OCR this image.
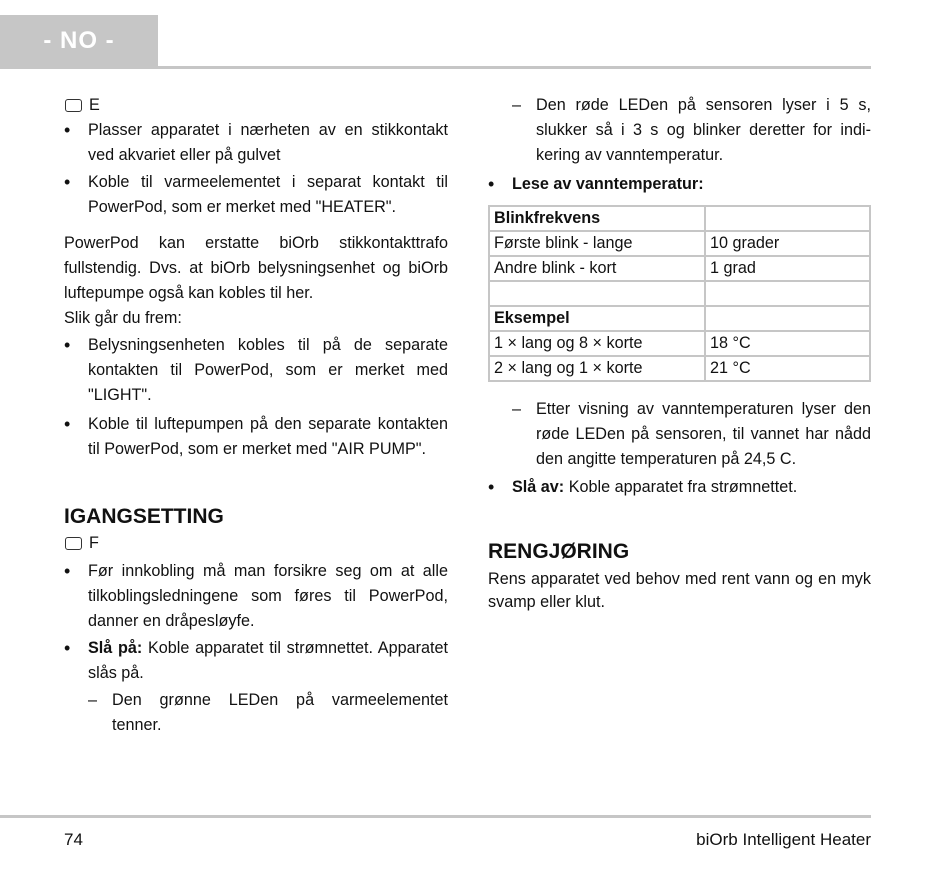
- NO -
E
• Plasser apparatet i nærheten av en stikkontakt ved akvariet eller på gulvet
• Koble til varmeelementet i separat kontakt til PowerPod, som er merket med "HEATER".
PowerPod kan erstatte biOrb stikkontakttrafo fullstendig. Dvs. at biOrb belysningsenhet og biOrb luftepumpe også kan kobles til her.
Slik går du frem:
• Belysningsenheten kobles til på de separate kontakten til PowerPod, som er merket med "LIGHT".
• Koble til luftepumpen på den separate kontakten til PowerPod, som er merket med "AIR PUMP".
IGANGSETTING
F
• Før innkobling må man forsikre seg om at alle tilkoblingsledningene som føres til PowerPod, danner en dråpesløyfe.
• Slå på: Koble apparatet til strømnettet. Apparatet slås på.
– Den grønne LEDen på varmeelementet tenner.
– Den røde LEDen på sensoren lyser i 5 s, slukker så i 3 s og blinker deretter for indikering av vanntemperatur.
• Lese av vanntemperatur:
Blinkfrekvens	
Første blink - lange	10 grader
Andre blink - kort	1 grad

Eksempel	
1 × lang og 8 × korte	18 °C
2 × lang og 1 × korte	21 °C
– Etter visning av vanntemperaturen lyser den røde LEDen på sensoren, til vannet har nådd den angitte temperaturen på 24,5 C.
• Slå av: Koble apparatet fra strømnettet.
RENGJØRING
Rens apparatet ved behov med rent vann og en myk svamp eller klut.
74	biOrb Intelligent Heater
